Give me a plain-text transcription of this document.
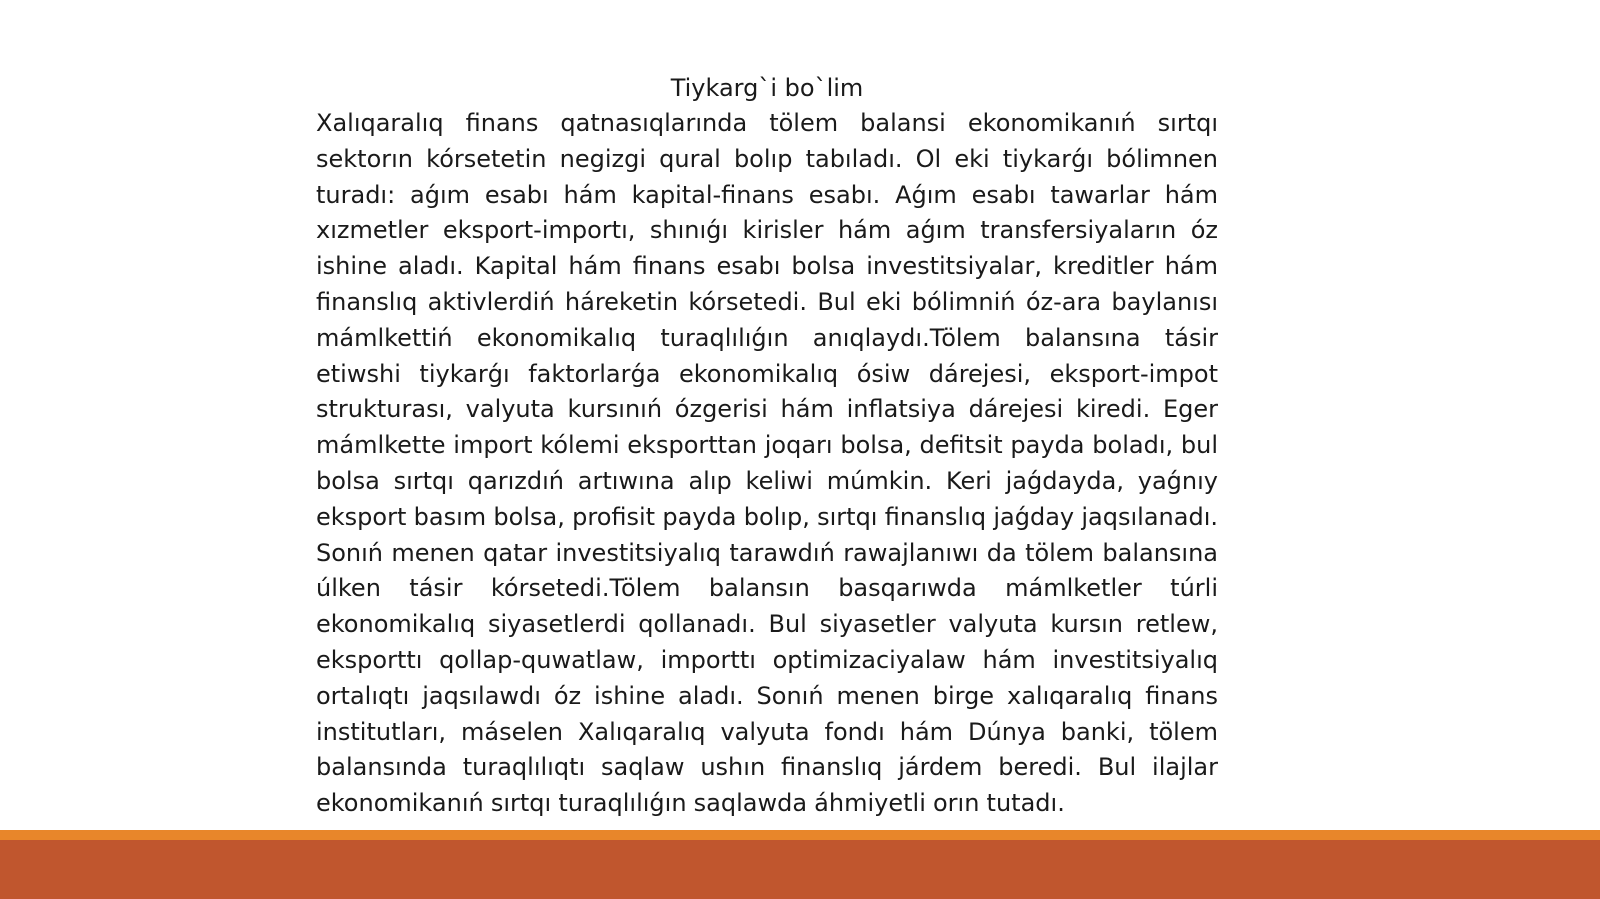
Tiykarg`i bo`lim

Xalıqaralıq finans qatnasıqlarında tölem balansi ekonomikanıń sırtqı sektorın kórsetetin negizgi qural bolıp tabıladı. Ol eki tiykarǵı bólimnen turadı: aǵım esabı hám kapital-finans esabı. Aǵım esabı tawarlar hám xızmetler eksport-importı, shınıǵı kirisler hám aǵım transfersiyaların óz ishine aladı. Kapital hám finans esabı bolsa investitsiyalar, kreditler hám finanslıq aktivlerdiń háreketin kórsetedi. Bul eki bólimniń óz-ara baylanısı mámlkettiń ekonomikalıq turaqlılıǵın anıqlaydı.Tölem balansına tásir etiwshi tiykarǵı faktorlarǵa ekonomikalıq ósiw dárejesi, eksport-impot strukturası, valyuta kursınıń ózgerisi hám inflatsiya dárejesi kiredi. Eger mámlkette import kólemi eksporttan joqarı bolsa, defitsit payda boladı, bul bolsa sırtqı qarızdıń artıwına alıp keliwi múmkin. Keri jaǵdayda, yaǵnıy eksport basım bolsa, profisit payda bolıp, sırtqı finanslıq jaǵday jaqsılanadı. Sonıń menen qatar investitsiyalıq tarawdıń rawajlanıwı da tölem balansına úlken tásir kórsetedi.Tölem balansın basqarıwda mámlketler túrli ekonomikalıq siyasetlerdi qollanadı. Bul siyasetler valyuta kursın retlew, eksporttı qollap-quwatlaw, importtı optimizaciyalaw hám investitsiyalıq ortalıqtı jaqsılawdı óz ishine aladı. Sonıń menen birge xalıqaralıq finans institutları, máselen Xalıqaralıq valyuta fondı hám Dúnya banki, tölem balansında turaqlılıqtı saqlaw ushın finanslıq járdem beredi. Bul ilajlar ekonomikanıń sırtqı turaqlılıǵın saqlawda áhmiyetli orın tutadı.
